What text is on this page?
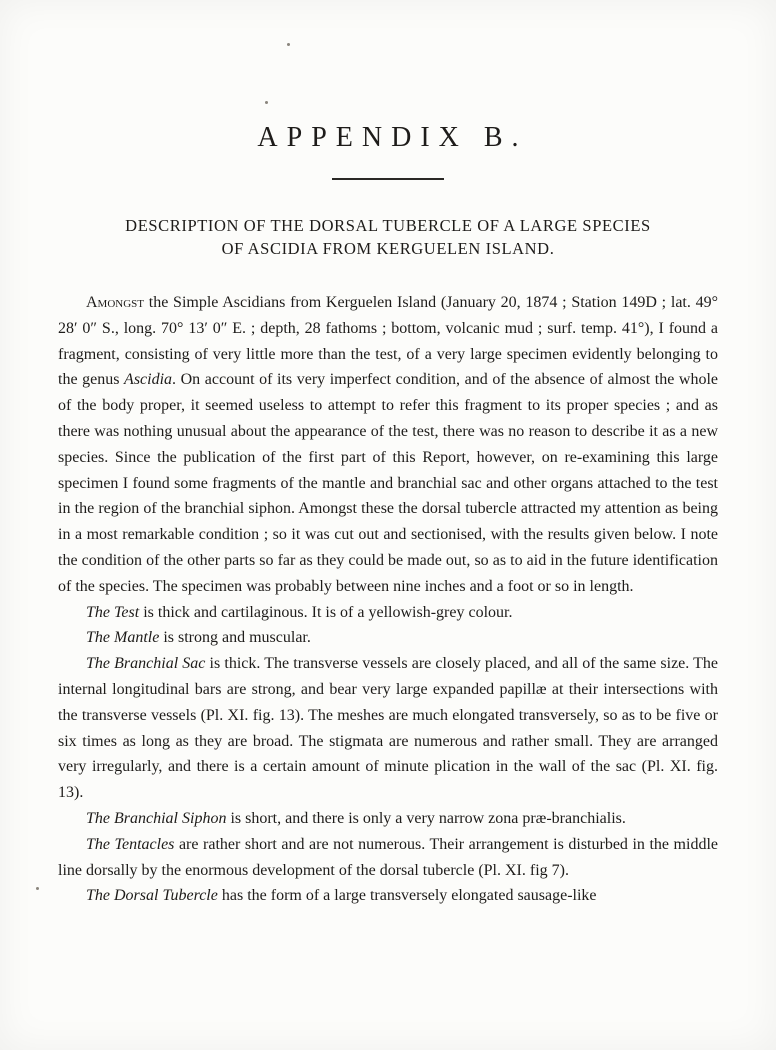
APPENDIX B.
DESCRIPTION OF THE DORSAL TUBERCLE OF A LARGE SPECIES
OF ASCIDIA FROM KERGUELEN ISLAND.

Amongst the Simple Ascidians from Kerguelen Island (January 20, 1874 ; Station 149D ; lat. 49° 28′ 0″ S., long. 70° 13′ 0″ E. ; depth, 28 fathoms ; bottom, volcanic mud ; surf. temp. 41°), I found a fragment, consisting of very little more than the test, of a very large specimen evidently belonging to the genus Ascidia. On account of its very imperfect condition, and of the absence of almost the whole of the body proper, it seemed useless to attempt to refer this fragment to its proper species ; and as there was nothing unusual about the appearance of the test, there was no reason to describe it as a new species. Since the publication of the first part of this Report, however, on re-examining this large specimen I found some fragments of the mantle and branchial sac and other organs attached to the test in the region of the branchial siphon. Amongst these the dorsal tubercle attracted my attention as being in a most remarkable condition ; so it was cut out and sectionised, with the results given below. I note the condition of the other parts so far as they could be made out, so as to aid in the future identification of the species. The specimen was probably between nine inches and a foot or so in length.

The Test is thick and cartilaginous. It is of a yellowish-grey colour.

The Mantle is strong and muscular.

The Branchial Sac is thick. The transverse vessels are closely placed, and all of the same size. The internal longitudinal bars are strong, and bear very large expanded papillæ at their intersections with the transverse vessels (Pl. XI. fig. 13). The meshes are much elongated transversely, so as to be five or six times as long as they are broad. The stigmata are numerous and rather small. They are arranged very irregularly, and there is a certain amount of minute plication in the wall of the sac (Pl. XI. fig. 13).

The Branchial Siphon is short, and there is only a very narrow zona præ-branchialis.

The Tentacles are rather short and are not numerous. Their arrangement is disturbed in the middle line dorsally by the enormous development of the dorsal tubercle (Pl. XI. fig 7).

The Dorsal Tubercle has the form of a large transversely elongated sausage-like
